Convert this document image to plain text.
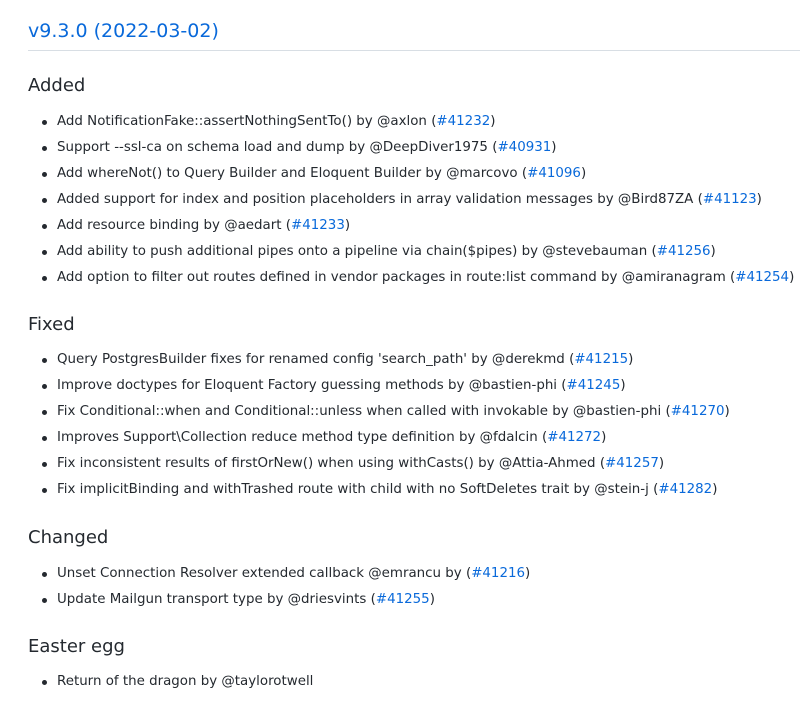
v9.3.0 (2022-03-02)
Added
Add NotificationFake::assertNothingSentTo() by @axlon
( #41232 )
Support --ssl-ca on schema load and dump by @DeepDiver1975
( #40931 )
Add whereNot() to Query Builder and Eloquent Builder by @marcovo
( #41096 )
Added support for index and position placeholders in array validation messages by @Bird87ZA
( #41123 )
Add resource binding by @aedart
( #41233 )
Add ability to push additional pipes onto a pipeline via chain($pipes) by @stevebauman
( #41256 )
Add option to filter out routes defined in vendor packages in route:list command by @amiranagram
( #41254 )
Fixed
Query PostgresBuilder fixes for renamed config 'search_path' by @derekmd
( #41215 )
Improve doctypes for Eloquent Factory guessing methods by @bastien-phi
( #41245 )
Fix Conditional::when and Conditional::unless when called with invokable by @bastien-phi
( #41270 )
Improves Support\Collection reduce method type definition by @fdalcin
( #41272 )
Fix inconsistent results of firstOrNew() when using withCasts() by @Attia-Ahmed
( #41257 )
Fix implicitBinding and withTrashed route with child with no SoftDeletes trait by @stein-j
( #41282 )
Changed
Unset Connection Resolver extended callback @emrancu by
( #41216 )
Update Mailgun transport type by @driesvints
( #41255 )
Easter egg
Return of the dragon by @taylorotwell
